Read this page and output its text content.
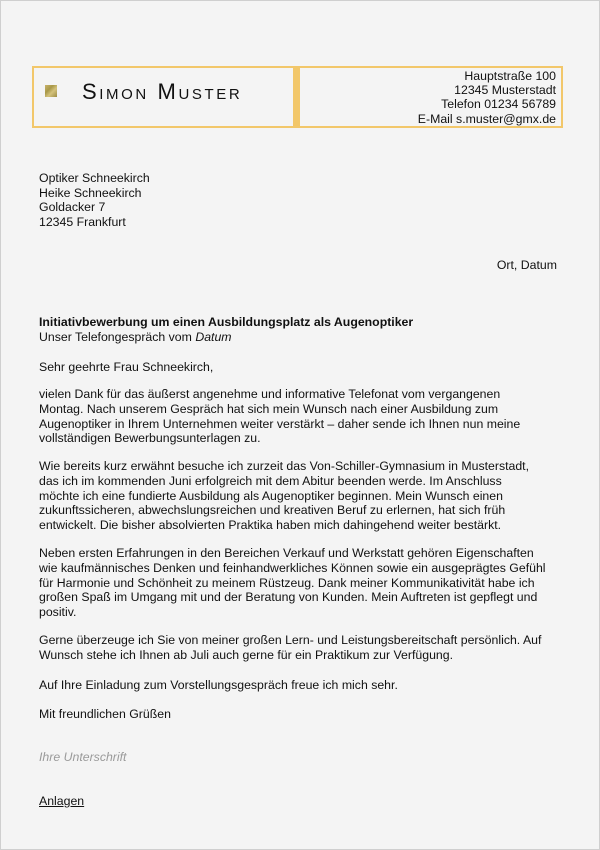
Simon Muster
Hauptstraße 100
12345 Musterstadt
Telefon 01234 56789
E-Mail s.muster@gmx.de
Optiker Schneekirch
Heike Schneekirch
Goldacker 7
12345 Frankfurt
Ort, Datum
Initiativbewerbung um einen Ausbildungsplatz als Augenoptiker
Unser Telefongespräch vom Datum
Sehr geehrte Frau Schneekirch,
vielen Dank für das äußerst angenehme und informative Telefonat vom vergangenen
Montag. Nach unserem Gespräch hat sich mein Wunsch nach einer Ausbildung zum
Augenoptiker in Ihrem Unternehmen weiter verstärkt – daher sende ich Ihnen nun meine
vollständigen Bewerbungsunterlagen zu.
Wie bereits kurz erwähnt besuche ich zurzeit das Von-Schiller-Gymnasium in Musterstadt,
das ich im kommenden Juni erfolgreich mit dem Abitur beenden werde. Im Anschluss
möchte ich eine fundierte Ausbildung als Augenoptiker beginnen. Mein Wunsch einen
zukunftssicheren, abwechslungsreichen und kreativen Beruf zu erlernen, hat sich früh
entwickelt. Die bisher absolvierten Praktika haben mich dahingehend weiter bestärkt.
Neben ersten Erfahrungen in den Bereichen Verkauf und Werkstatt gehören Eigenschaften
wie kaufmännisches Denken und feinhandwerkliches Können sowie ein ausgeprägtes Gefühl
für Harmonie und Schönheit zu meinem Rüstzeug. Dank meiner Kommunikativität habe ich
großen Spaß im Umgang mit und der Beratung von Kunden. Mein Auftreten ist gepflegt und
positiv.
Gerne überzeuge ich Sie von meiner großen Lern- und Leistungsbereitschaft persönlich. Auf
Wunsch stehe ich Ihnen ab Juli auch gerne für ein Praktikum zur Verfügung.
Auf Ihre Einladung zum Vorstellungsgespräch freue ich mich sehr.
Mit freundlichen Grüßen
Ihre Unterschrift
Anlagen
